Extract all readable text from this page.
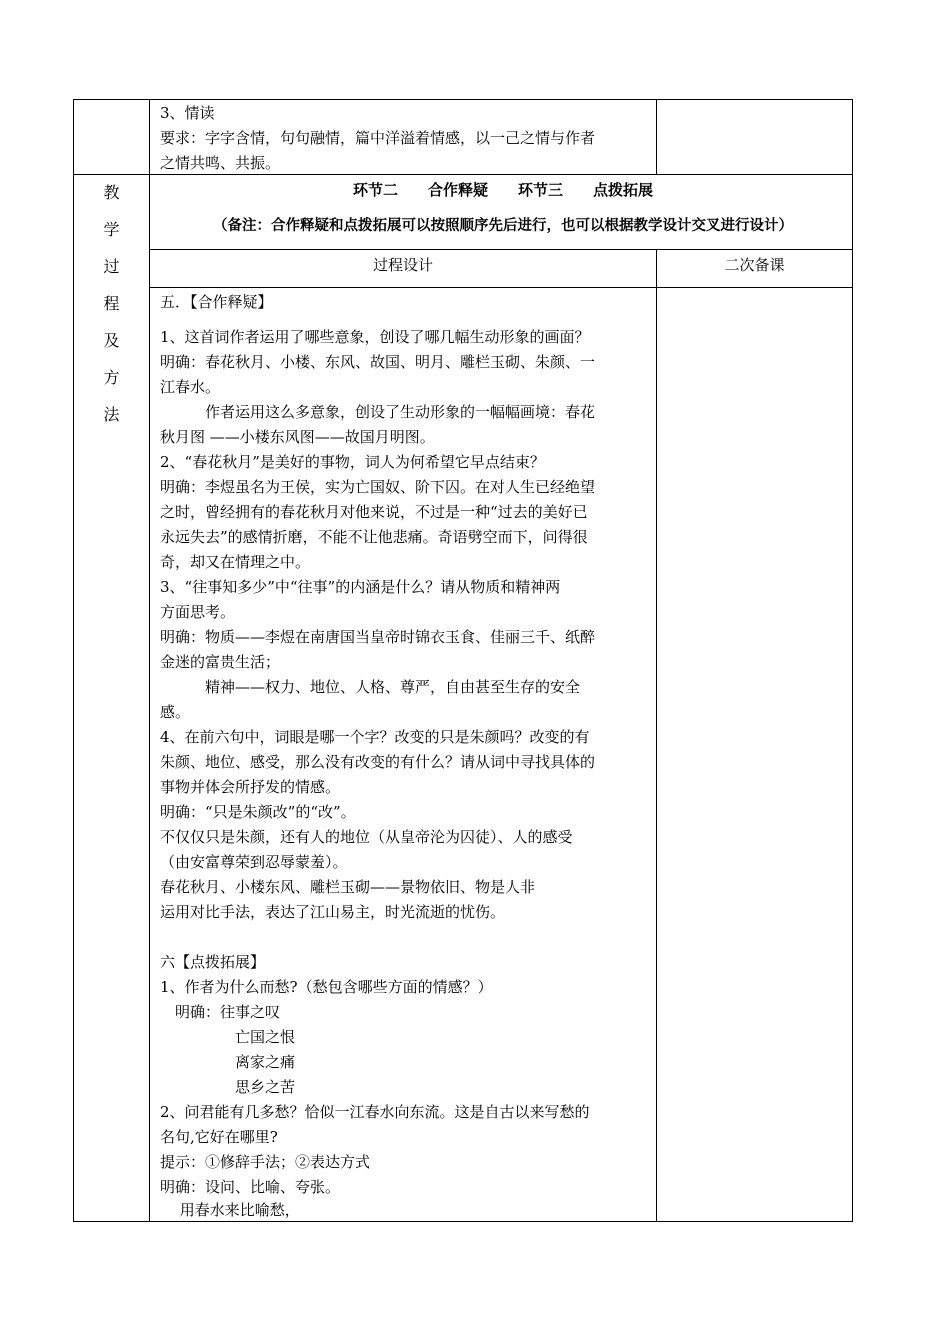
3、情读
要求：字字含情，句句融情，篇中洋溢着情感，以一己之情与作者
之情共鸣、共振。
教
学
过
程
及
方
法
环节二　　合作释疑　　环节三　　点拨拓展
（备注：合作释疑和点拨拓展可以按照顺序先后进行，也可以根据教学设计交叉进行设计）
过程设计	二次备课
五．【合作释疑】
1、这首词作者运用了哪些意象，创设了哪几幅生动形象的画面？
明确：春花秋月、小楼、东风、故国、明月、雕栏玉砌、朱颜、一
江春水。
　　　作者运用这么多意象，创设了生动形象的一幅幅画境：春花
秋月图 ——小楼东风图——故国月明图。
2、“春花秋月”是美好的事物，词人为何希望它早点结束？
明确：李煜虽名为王侯，实为亡国奴、阶下囚。在对人生已经绝望
之时，曾经拥有的春花秋月对他来说，不过是一种“过去的美好已
永远失去”的感情折磨，不能不让他悲痛。奇语劈空而下，问得很
奇，却又在情理之中。
3、“往事知多少”中“往事”的内涵是什么？请从物质和精神两
方面思考。
明确：物质——李煜在南唐国当皇帝时锦衣玉食、佳丽三千、纸醉
金迷的富贵生活；
　　　精神——权力、地位、人格、尊严，自由甚至生存的安全
感。
4、在前六句中，词眼是哪一个字？改变的只是朱颜吗？改变的有
朱颜、地位、感受，那么没有改变的有什么？请从词中寻找具体的
事物并体会所抒发的情感。
明确：“只是朱颜改”的“改”。
不仅仅只是朱颜，还有人的地位（从皇帝沦为囚徒）、人的感受
（由安富尊荣到忍辱蒙羞）。
春花秋月、小楼东风、雕栏玉砌——景物依旧、物是人非
运用对比手法，表达了江山易主，时光流逝的忧伤。
六【点拨拓展】
1、作者为什么而愁?（愁包含哪些方面的情感？）
　明确：往事之叹
　　　　　亡国之恨
　　　　　离家之痛
　　　　　思乡之苦
2、问君能有几多愁？恰似一江春水向东流。这是自古以来写愁的
名句,它好在哪里?
提示：①修辞手法；②表达方式
明确：设问、比喻、夸张。
　 用春水来比喻愁，
